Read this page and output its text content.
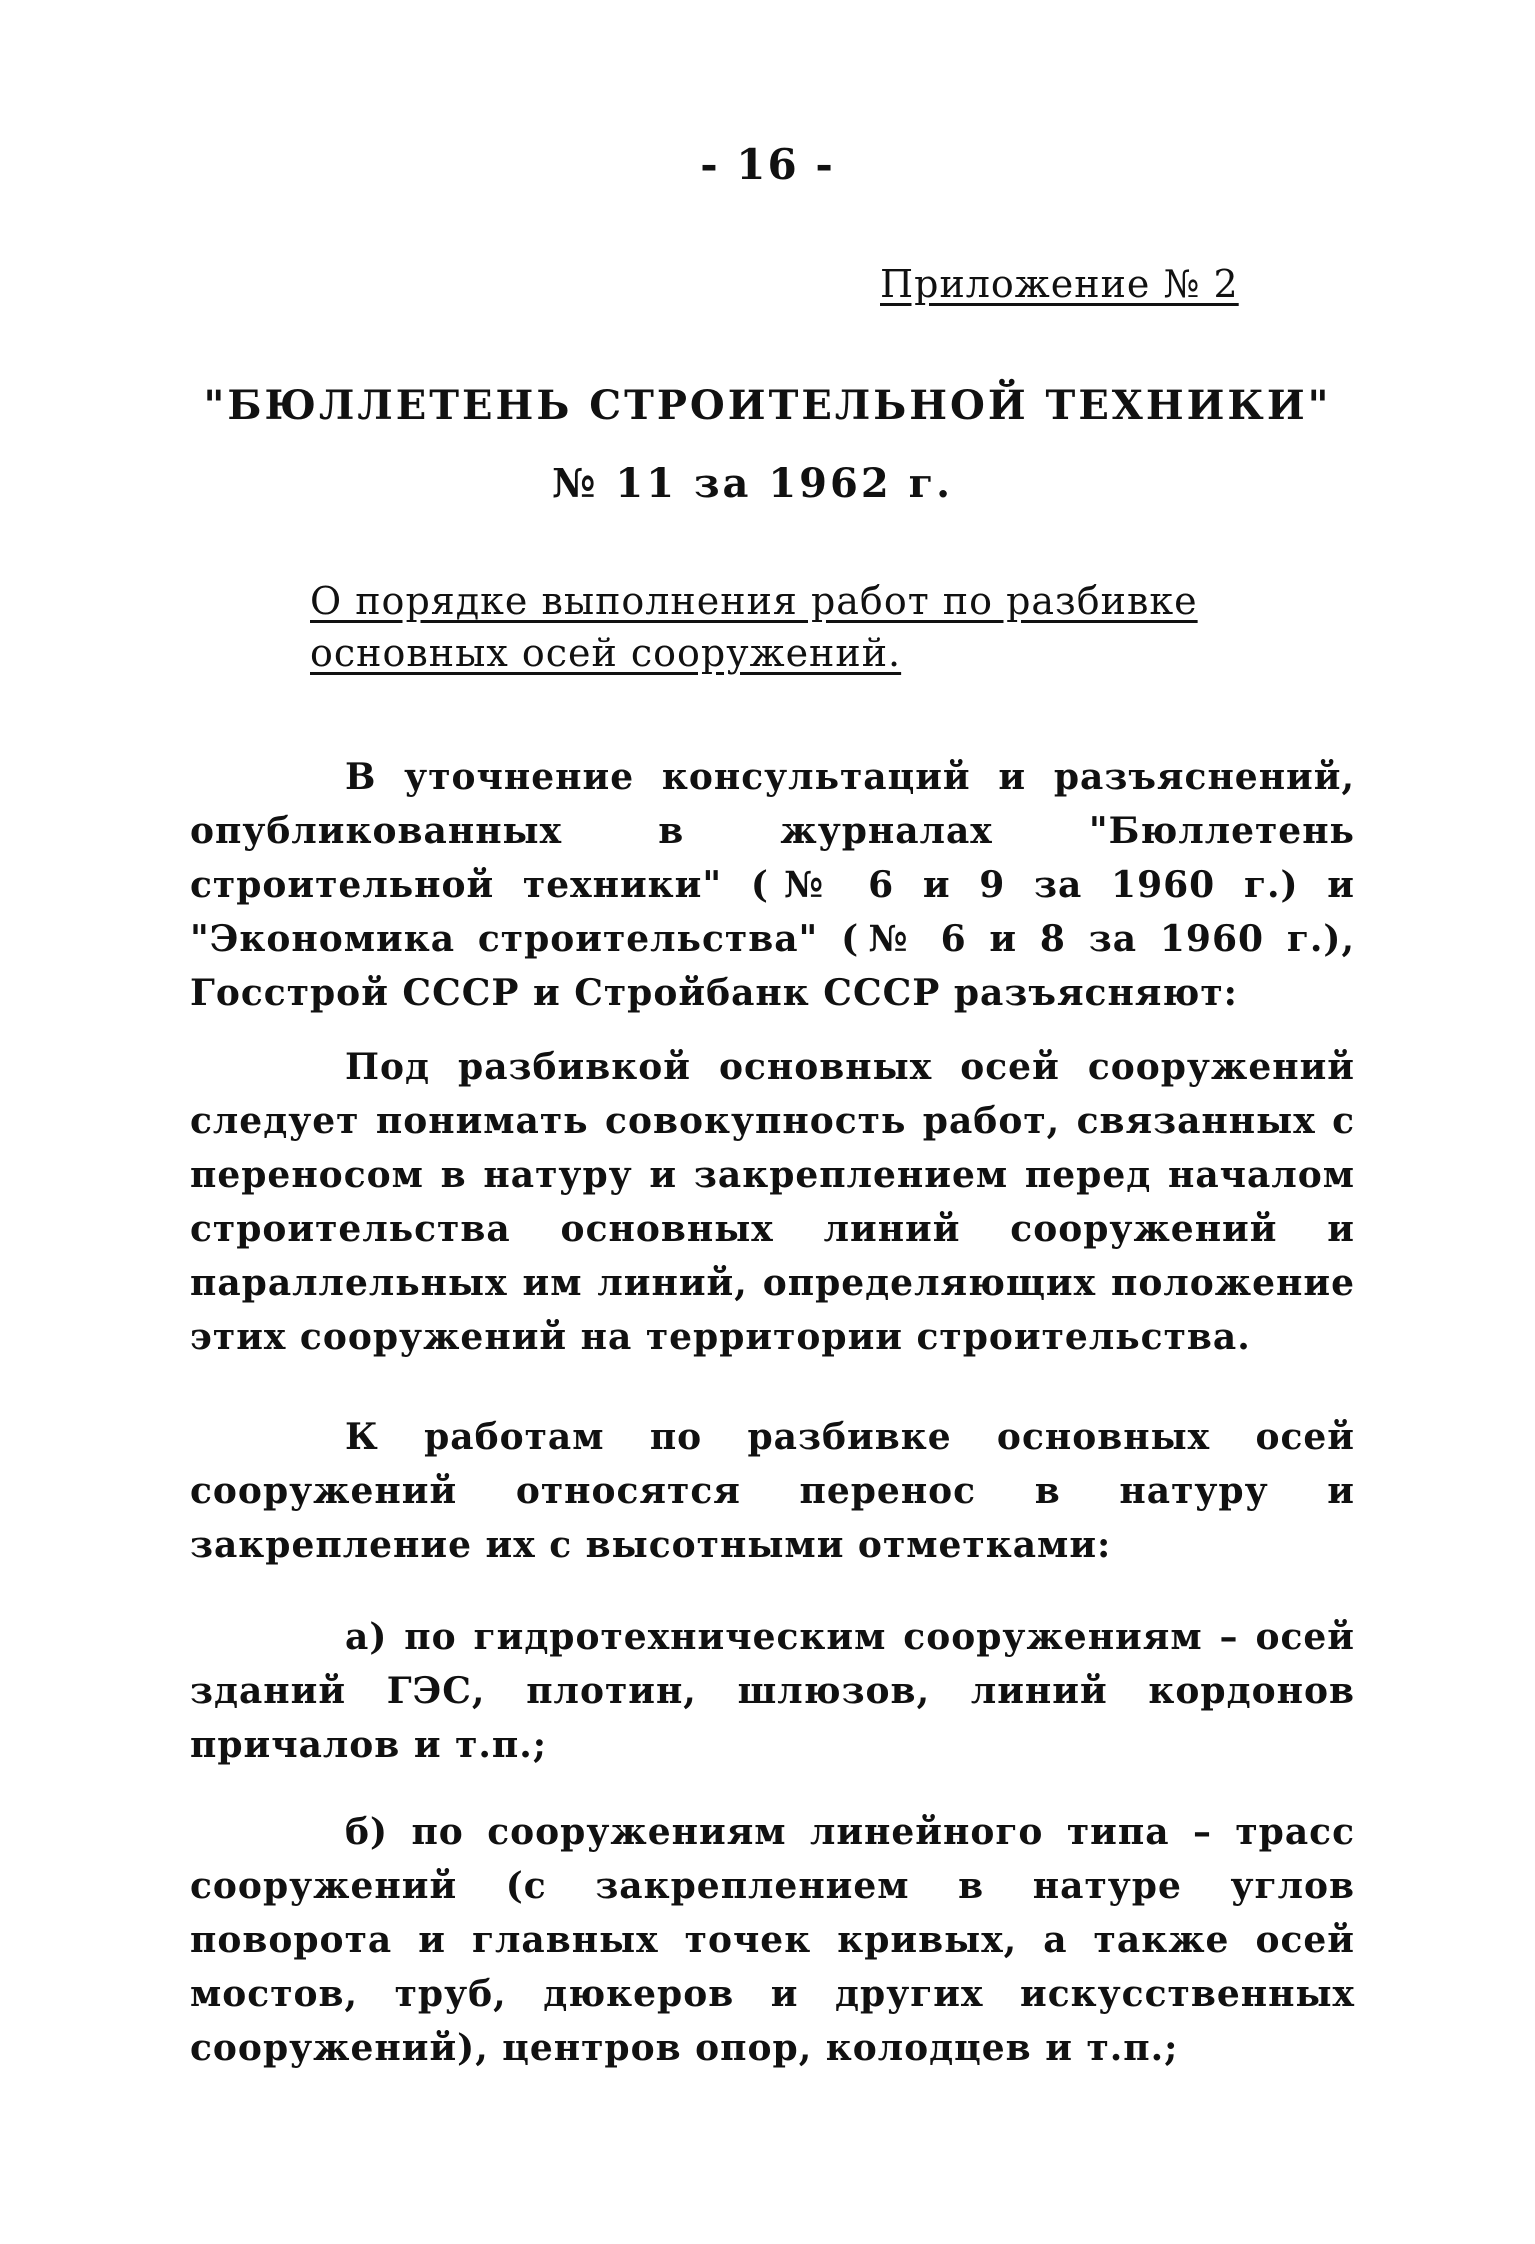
- 16 -
Приложение № 2
"БЮЛЛЕТЕНЬ СТРОИТЕЛЬНОЙ ТЕХНИКИ"
№ 11 за 1962 г.
О порядке выполнения работ по разбивке основных осей сооружений.

В уточнение консультаций и разъяснений, опубликованных в журналах "Бюллетень строительной техники" (№ 6 и 9 за 1960 г.) и "Экономика строительства" (№ 6 и 8 за 1960 г.), Госстрой СССР и Стройбанк СССР разъясняют:

Под разбивкой основных осей сооружений следует понимать совокупность работ, связанных с переносом в натуру и закреплением перед началом строительства основных линий сооружений и параллельных им линий, определяющих положение этих сооружений на территории строительства.

К работам по разбивке основных осей сооружений относятся перенос в натуру и закрепление их с высотными отметками:

а) по гидротехническим сооружениям – осей зданий ГЭС, плотин, шлюзов, линий кордонов причалов и т.п.;

б) по сооружениям линейного типа – трасс сооружений (с закреплением в натуре углов поворота и главных точек кривых, а также осей мостов, труб, дюкеров и других искусственных сооружений), центров опор, колодцев и т.п.;
